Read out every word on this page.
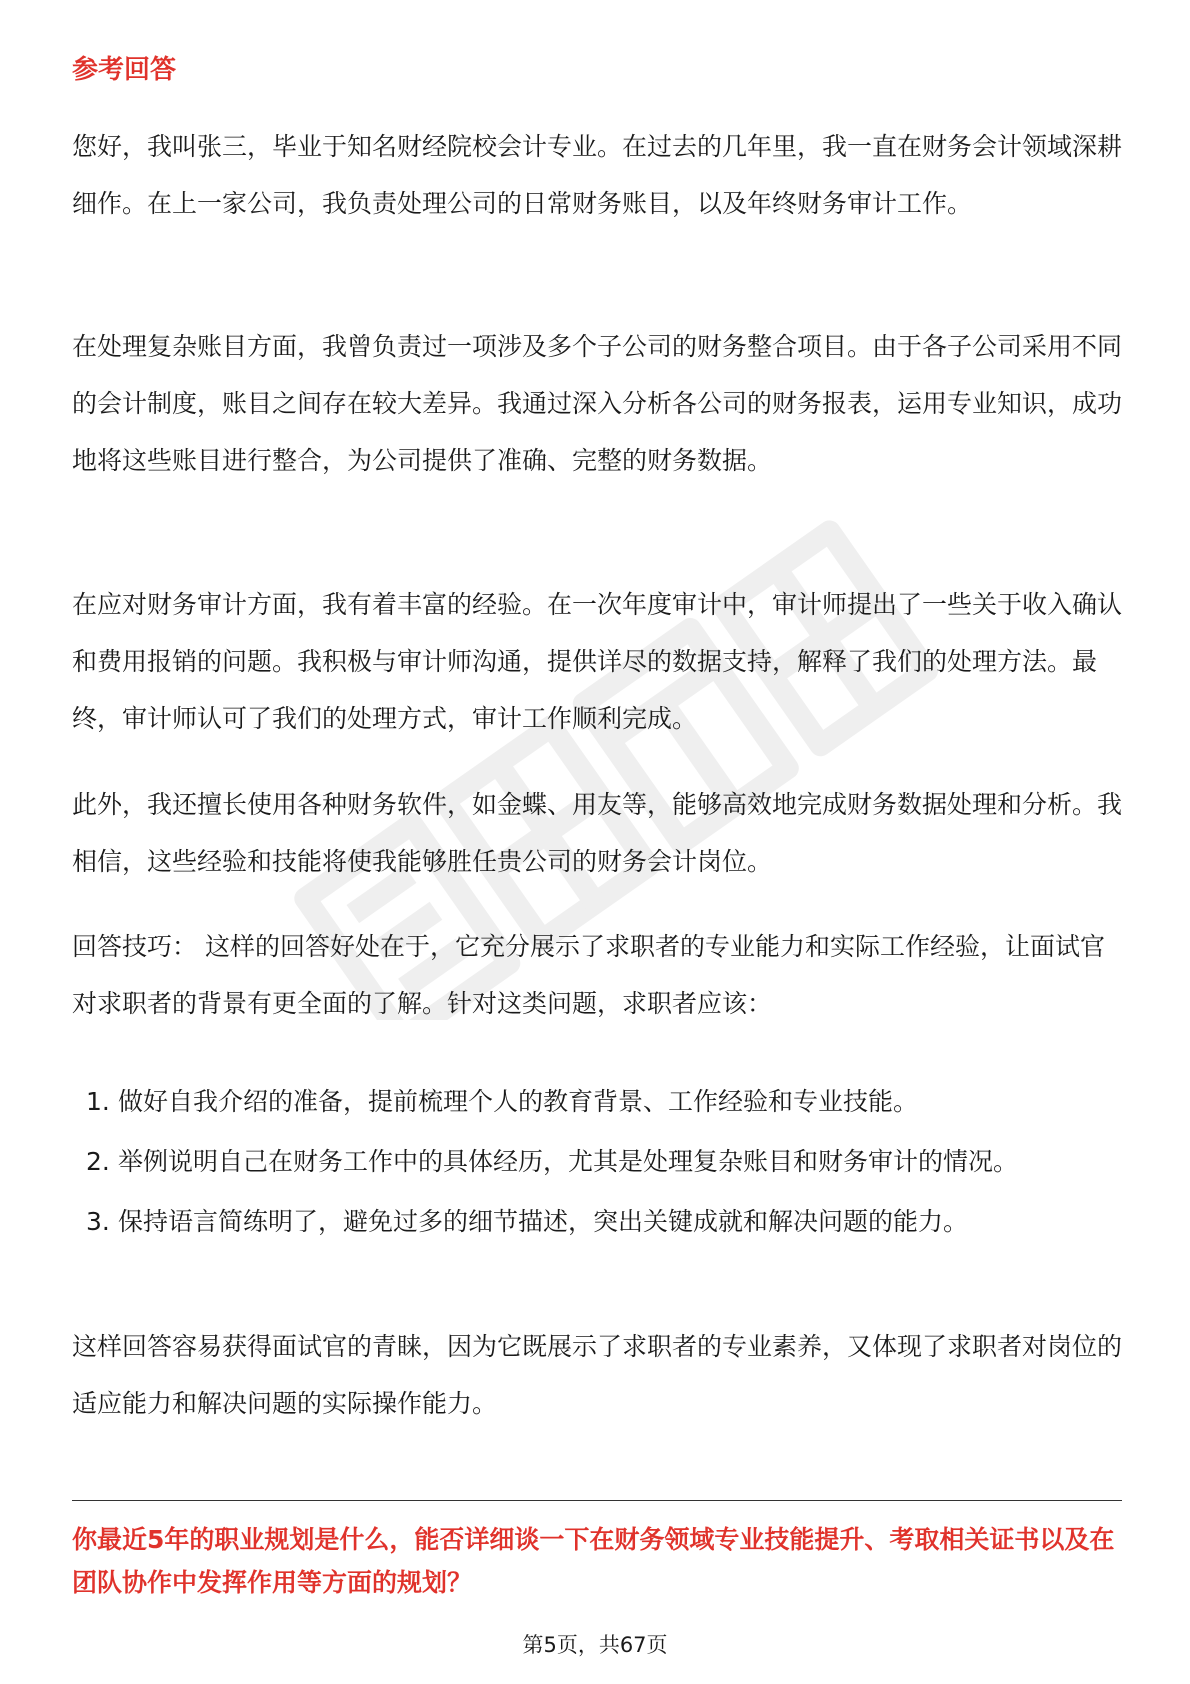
参考回答

您好，我叫张三，毕业于知名财经院校会计专业。在过去的几年里，我一直在财务会计领域深耕细作。在上一家公司，我负责处理公司的日常财务账目，以及年终财务审计工作。

在处理复杂账目方面，我曾负责过一项涉及多个子公司的财务整合项目。由于各子公司采用不同的会计制度，账目之间存在较大差异。我通过深入分析各公司的财务报表，运用专业知识，成功地将这些账目进行整合，为公司提供了准确、完整的财务数据。

在应对财务审计方面，我有着丰富的经验。在一次年度审计中，审计师提出了一些关于收入确认和费用报销的问题。我积极与审计师沟通，提供详尽的数据支持，解释了我们的处理方法。最终，审计师认可了我们的处理方式，审计工作顺利完成。

此外，我还擅长使用各种财务软件，如金蝶、用友等，能够高效地完成财务数据处理和分析。我相信，这些经验和技能将使我能够胜任贵公司的财务会计岗位。

回答技巧： 这样的回答好处在于，它充分展示了求职者的专业能力和实际工作经验，让面试官对求职者的背景有更全面的了解。针对这类问题，求职者应该：

1. 做好自我介绍的准备，提前梳理个人的教育背景、工作经验和专业技能。
2. 举例说明自己在财务工作中的具体经历，尤其是处理复杂账目和财务审计的情况。
3. 保持语言简练明了，避免过多的细节描述，突出关键成就和解决问题的能力。

这样回答容易获得面试官的青睐，因为它既展示了求职者的专业素养，又体现了求职者对岗位的适应能力和解决问题的实际操作能力。

你最近5年的职业规划是什么，能否详细谈一下在财务领域专业技能提升、考取相关证书以及在团队协作中发挥作用等方面的规划？
第5页，共67页
